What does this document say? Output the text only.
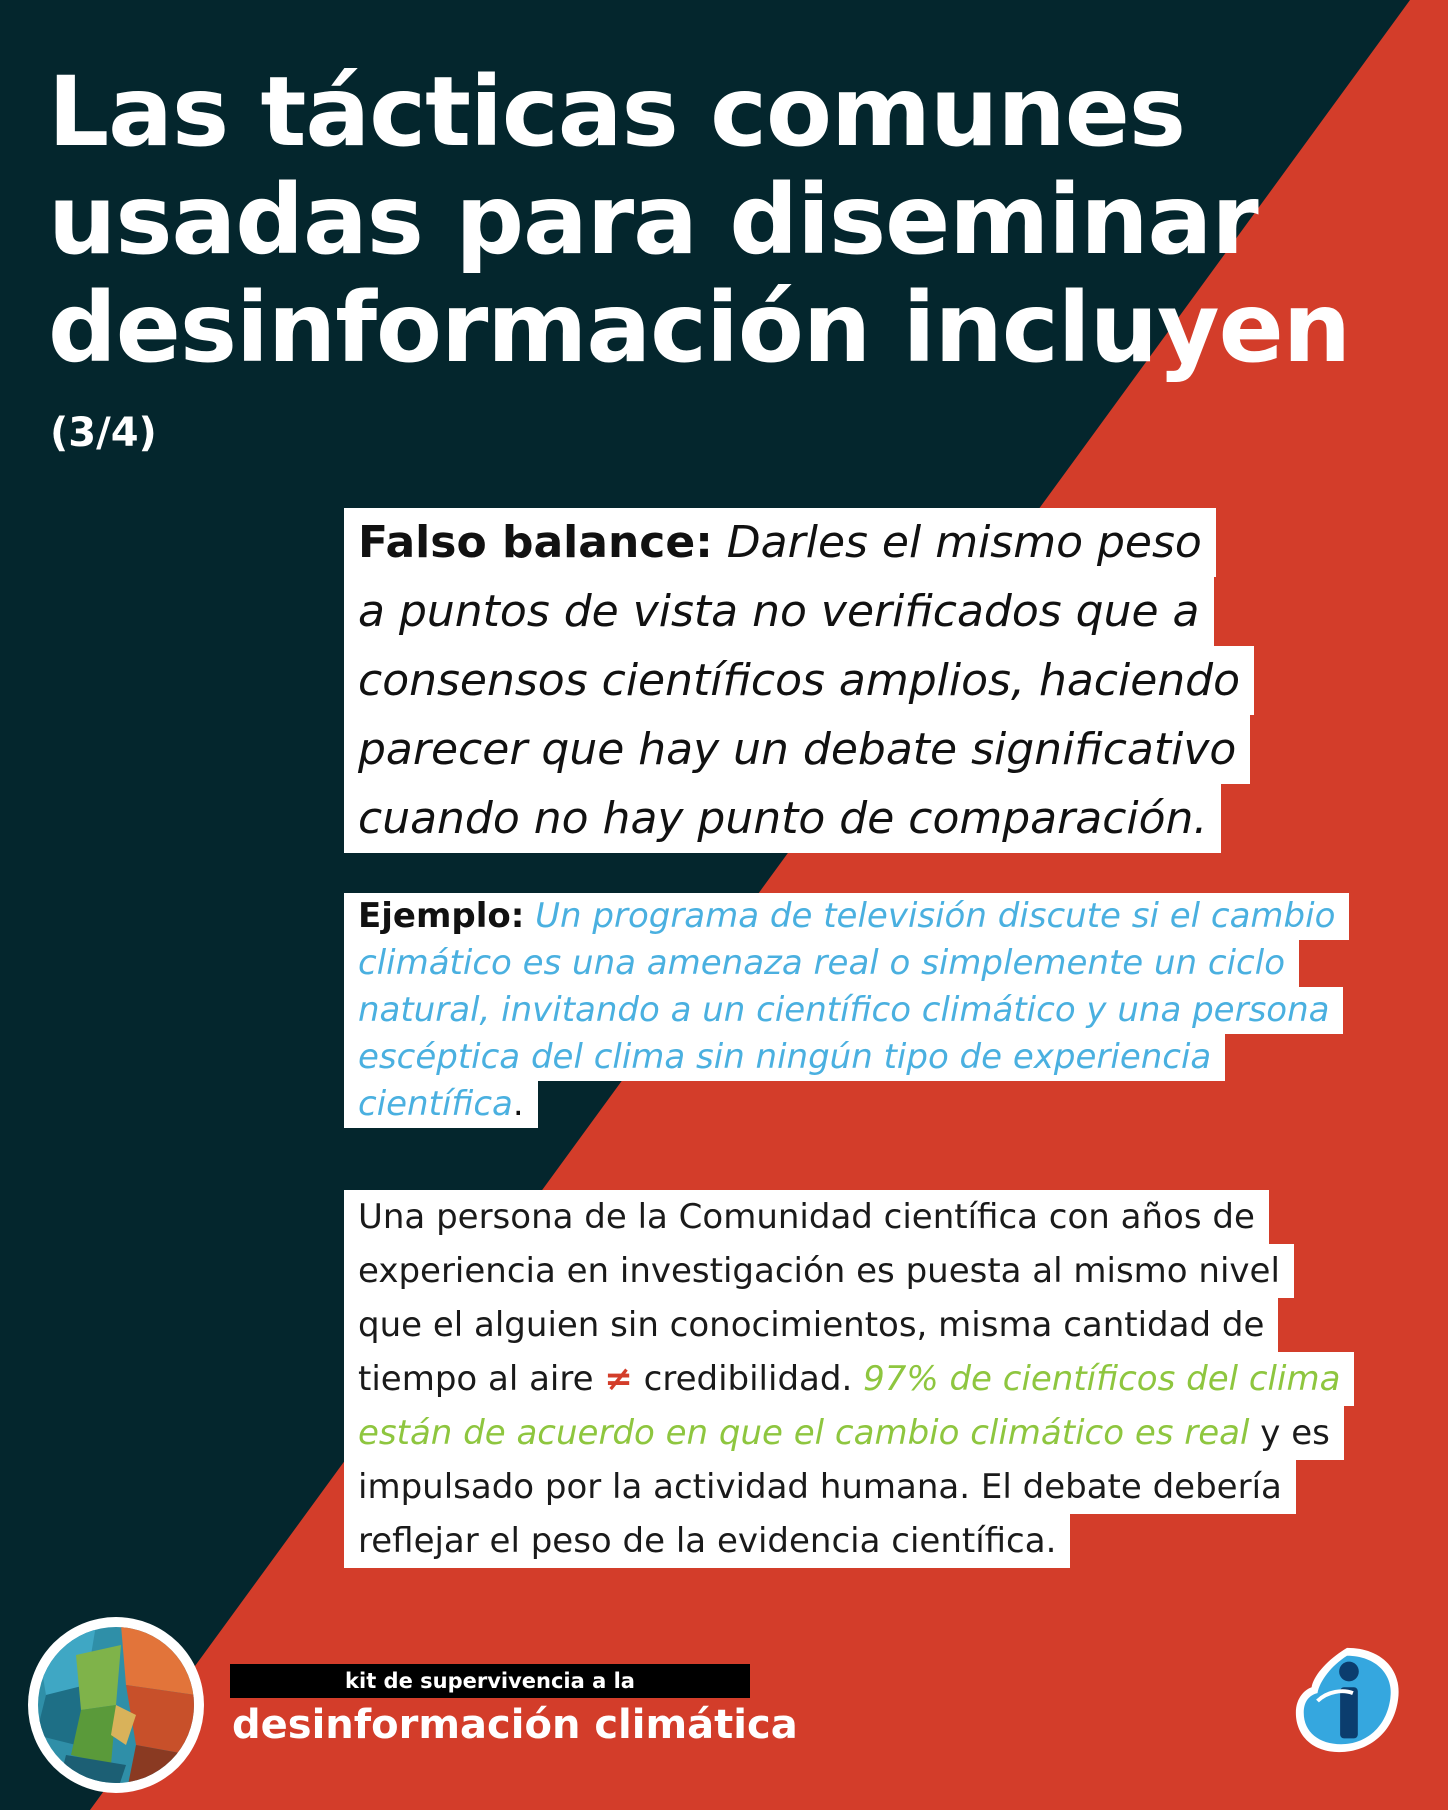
Las tácticas comunes
usadas para diseminar
desinformación incluyen
(3/4)
Falso balance: Darles el mismo peso
a puntos de vista no verificados que a
consensos científicos amplios, haciendo
parecer que hay un debate significativo
cuando no hay punto de comparación.
Ejemplo: Un programa de televisión discute si el cambio
climático es una amenaza real o simplemente un ciclo
natural, invitando a un científico climático y una persona
escéptica del clima sin ningún tipo de experiencia
científica.
Una persona de la Comunidad científica con años de
experiencia en investigación es puesta al mismo nivel
que el alguien sin conocimientos, misma cantidad de
tiempo al aire ≠ credibilidad. 97% de científicos del clima
están de acuerdo en que el cambio climático es real y es
impulsado por la actividad humana. El debate debería
reflejar el peso de la evidencia científica.
kit de supervivencia a la
desinformación climática
